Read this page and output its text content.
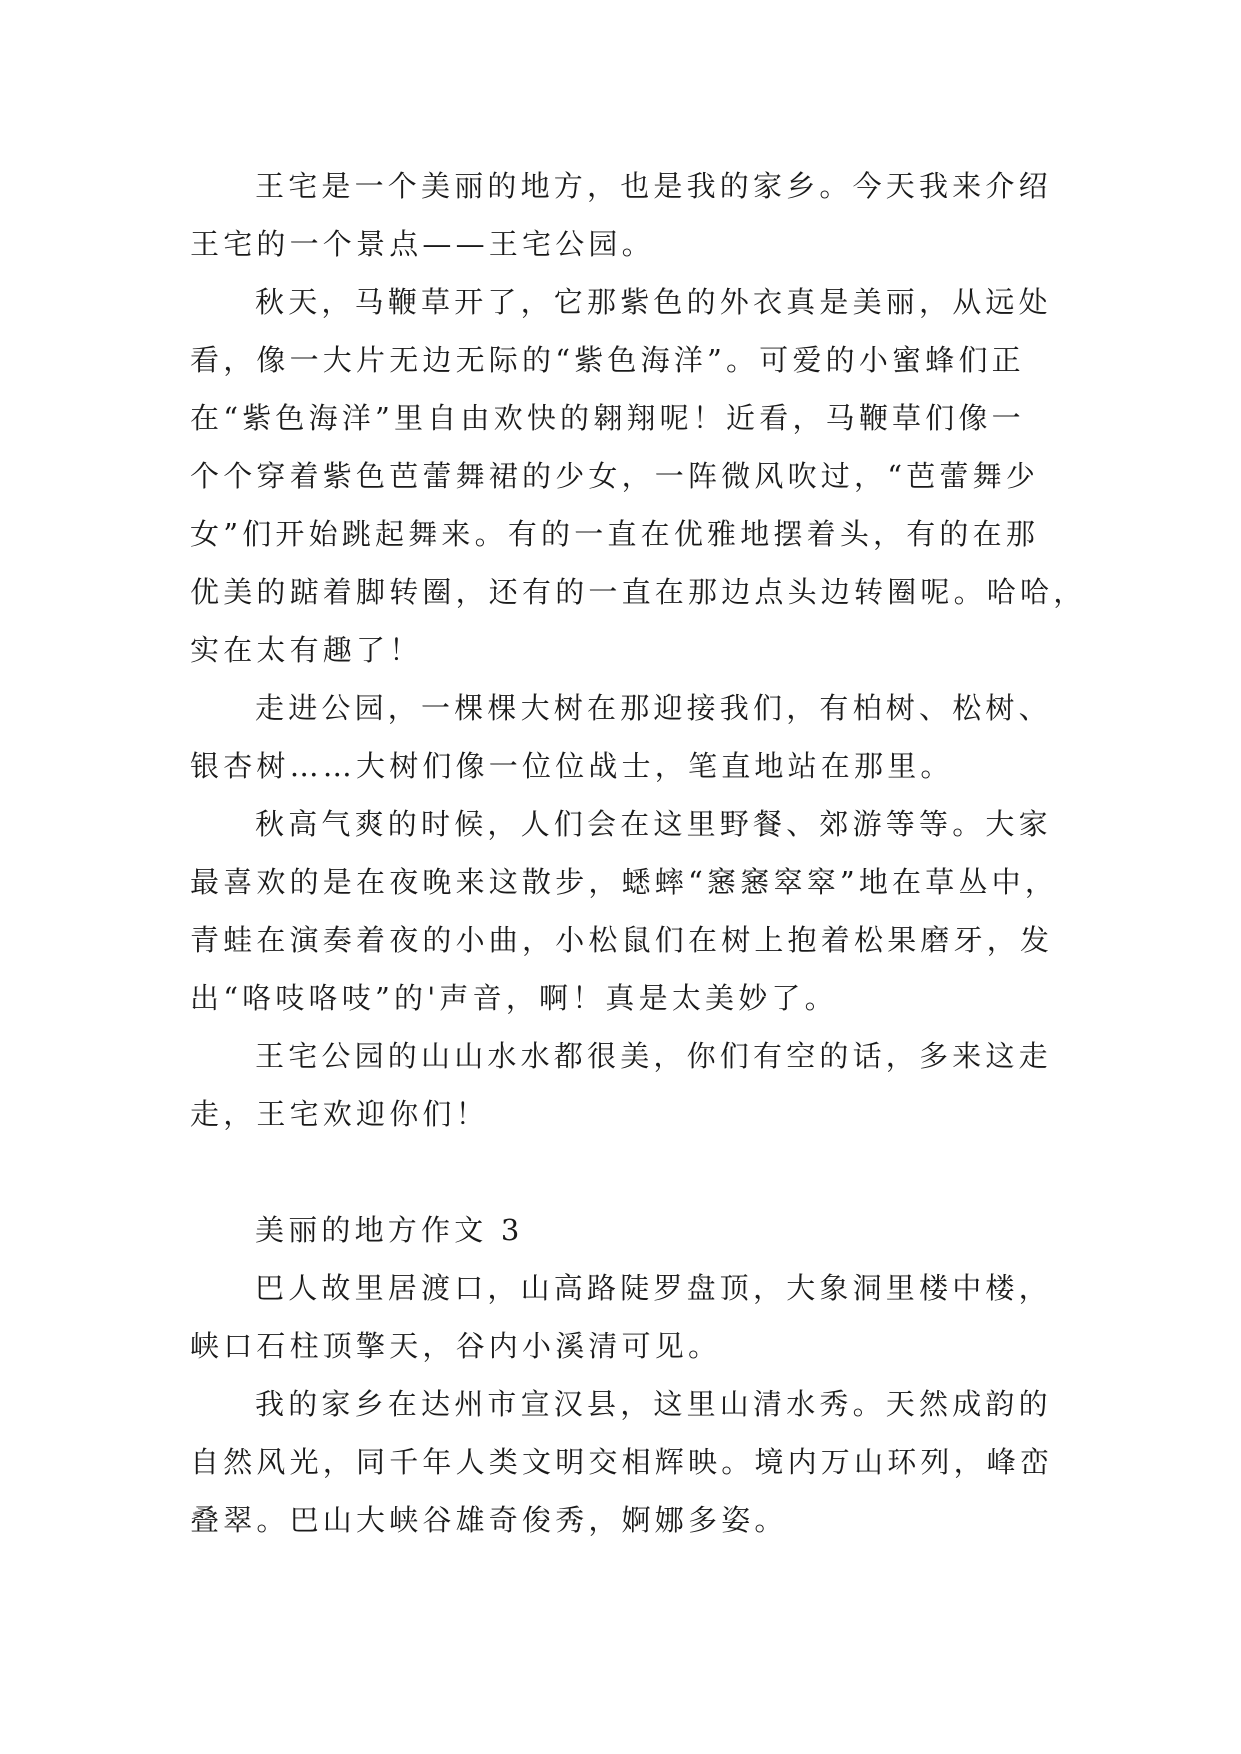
王宅是一个美丽的地方，也是我的家乡。今天我来介绍
王宅的一个景点——王宅公园。
秋天，马鞭草开了，它那紫色的外衣真是美丽，从远处
看，像一大片无边无际的“紫色海洋”。可爱的小蜜蜂们正
在“紫色海洋”里自由欢快的翱翔呢！近看，马鞭草们像一
个个穿着紫色芭蕾舞裙的少女，一阵微风吹过，“芭蕾舞少
女”们开始跳起舞来。有的一直在优雅地摆着头，有的在那
优美的踮着脚转圈，还有的一直在那边点头边转圈呢。哈哈，
实在太有趣了！
走进公园，一棵棵大树在那迎接我们，有柏树、松树、
银杏树……大树们像一位位战士，笔直地站在那里。
秋高气爽的时候，人们会在这里野餐、郊游等等。大家
最喜欢的是在夜晚来这散步，蟋蟀“窸窸窣窣”地在草丛中，
青蛙在演奏着夜的小曲，小松鼠们在树上抱着松果磨牙，发
出“咯吱咯吱”的'声音，啊！真是太美妙了。
王宅公园的山山水水都很美，你们有空的话，多来这走
走，王宅欢迎你们！
美丽的地方作文 3
巴人故里居渡口，山高路陡罗盘顶，大象洞里楼中楼，
峡口石柱顶擎天，谷内小溪清可见。
我的家乡在达州市宣汉县，这里山清水秀。天然成韵的
自然风光，同千年人类文明交相辉映。境内万山环列，峰峦
叠翠。巴山大峡谷雄奇俊秀，婀娜多姿。
